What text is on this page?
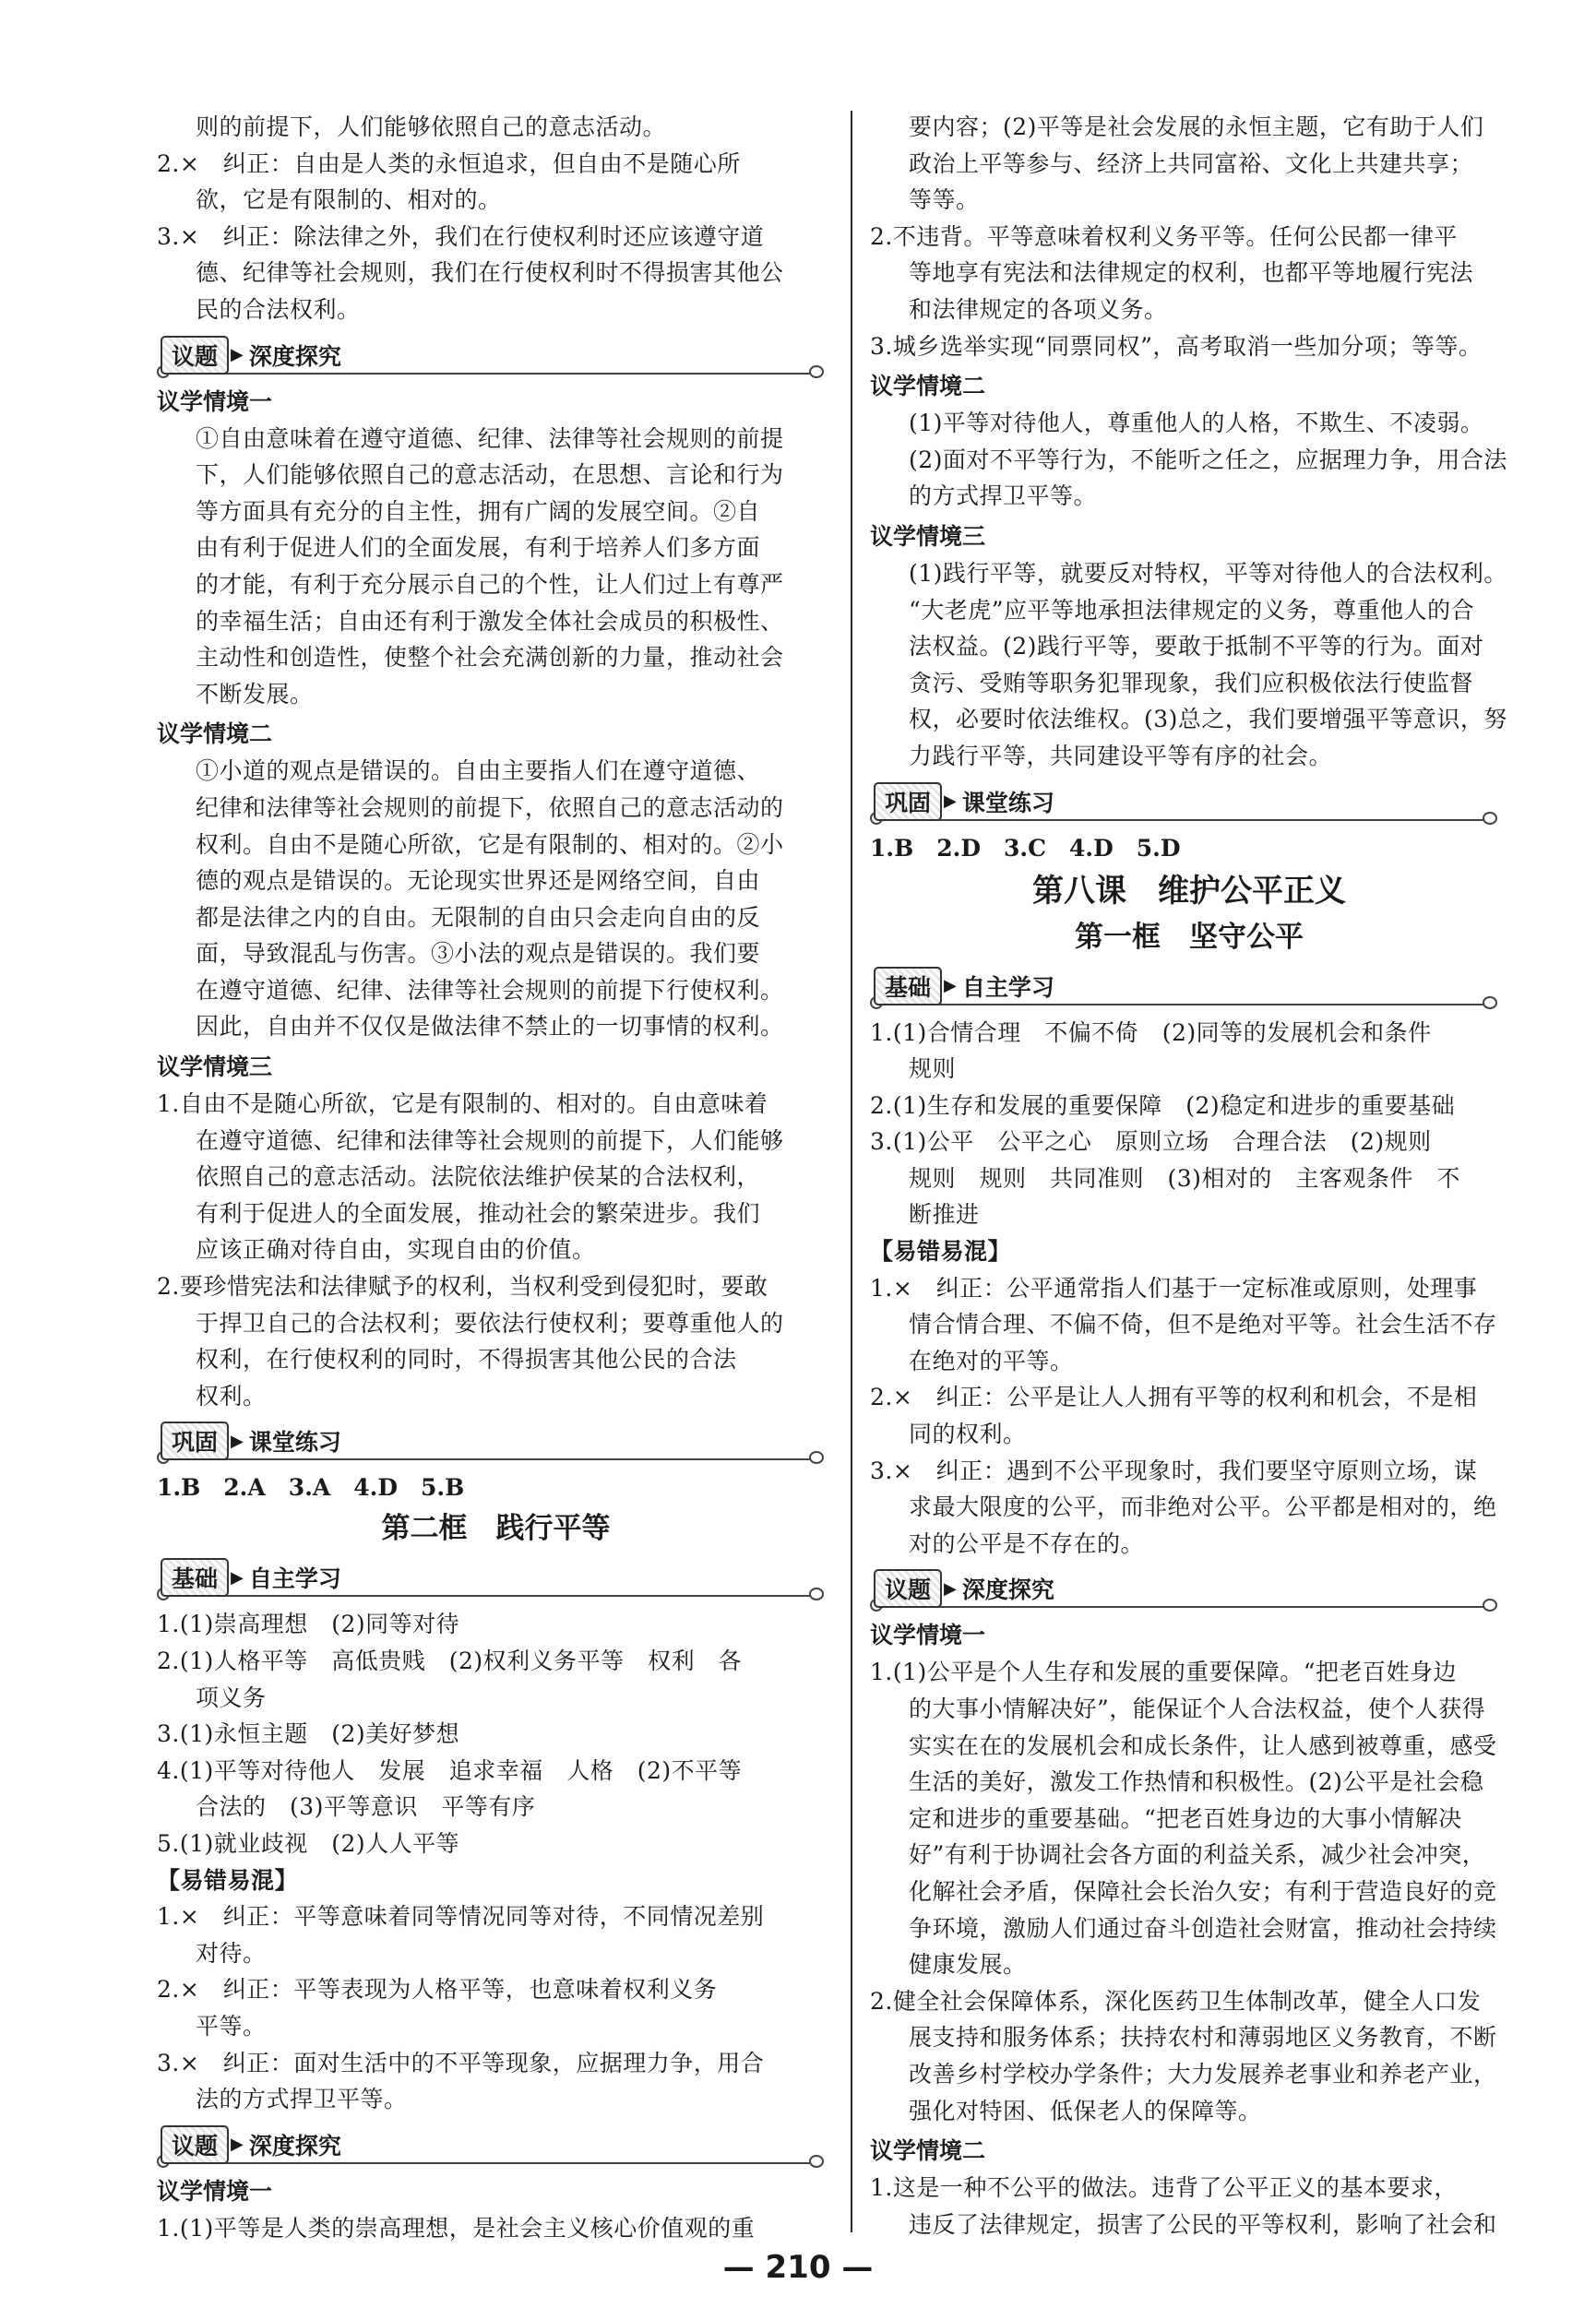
则的前提下，人们能够依照自己的意志活动。

2.×　纠正：自由是人类的永恒追求，但自由不是随心所

欲，它是有限制的、相对的。

3.×　纠正：除法律之外，我们在行使权利时还应该遵守道

德、纪律等社会规则，我们在行使权利时不得损害其他公

民的合法权利。

议题 ▶ 深度探究

议学情境一

①自由意味着在遵守道德、纪律、法律等社会规则的前提

下，人们能够依照自己的意志活动，在思想、言论和行为

等方面具有充分的自主性，拥有广阔的发展空间。②自

由有利于促进人们的全面发展，有利于培养人们多方面

的才能，有利于充分展示自己的个性，让人们过上有尊严

的幸福生活；自由还有利于激发全体社会成员的积极性、

主动性和创造性，使整个社会充满创新的力量，推动社会

不断发展。

议学情境二

①小道的观点是错误的。自由主要指人们在遵守道德、

纪律和法律等社会规则的前提下，依照自己的意志活动的

权利。自由不是随心所欲，它是有限制的、相对的。②小

德的观点是错误的。无论现实世界还是网络空间，自由

都是法律之内的自由。无限制的自由只会走向自由的反

面，导致混乱与伤害。③小法的观点是错误的。我们要

在遵守道德、纪律、法律等社会规则的前提下行使权利。

因此，自由并不仅仅是做法律不禁止的一切事情的权利。

议学情境三

1.自由不是随心所欲，它是有限制的、相对的。自由意味着

在遵守道德、纪律和法律等社会规则的前提下，人们能够

依照自己的意志活动。法院依法维护侯某的合法权利，

有利于促进人的全面发展，推动社会的繁荣进步。我们

应该正确对待自由，实现自由的价值。

2.要珍惜宪法和法律赋予的权利，当权利受到侵犯时，要敢

于捍卫自己的合法权利；要依法行使权利；要尊重他人的

权利，在行使权利的同时，不得损害其他公民的合法

权利。

巩固 ▶ 课堂练习

1.B　2.A　3.A　4.D　5.B

第二框　践行平等

基础 ▶ 自主学习

1.(1)崇高理想　(2)同等对待

2.(1)人格平等　高低贵贱　(2)权利义务平等　权利　各

项义务

3.(1)永恒主题　(2)美好梦想

4.(1)平等对待他人　发展　追求幸福　人格　(2)不平等

合法的　(3)平等意识　平等有序

5.(1)就业歧视　(2)人人平等

【易错易混】

1.×　纠正：平等意味着同等情况同等对待，不同情况差别

对待。

2.×　纠正：平等表现为人格平等，也意味着权利义务

平等。

3.×　纠正：面对生活中的不平等现象，应据理力争，用合

法的方式捍卫平等。

议题 ▶ 深度探究

议学情境一

1.(1)平等是人类的崇高理想，是社会主义核心价值观的重

要内容；(2)平等是社会发展的永恒主题，它有助于人们

政治上平等参与、经济上共同富裕、文化上共建共享；

等等。

2.不违背。平等意味着权利义务平等。任何公民都一律平

等地享有宪法和法律规定的权利，也都平等地履行宪法

和法律规定的各项义务。

3.城乡选举实现“同票同权”，高考取消一些加分项；等等。

议学情境二

(1)平等对待他人，尊重他人的人格，不欺生、不凌弱。

(2)面对不平等行为，不能听之任之，应据理力争，用合法

的方式捍卫平等。

议学情境三

(1)践行平等，就要反对特权，平等对待他人的合法权利。

“大老虎”应平等地承担法律规定的义务，尊重他人的合

法权益。(2)践行平等，要敢于抵制不平等的行为。面对

贪污、受贿等职务犯罪现象，我们应积极依法行使监督

权，必要时依法维权。(3)总之，我们要增强平等意识，努

力践行平等，共同建设平等有序的社会。

巩固 ▶ 课堂练习

1.B　2.D　3.C　4.D　5.D

第八课　维护公平正义

第一框　坚守公平

基础 ▶ 自主学习

1.(1)合情合理　不偏不倚　(2)同等的发展机会和条件

规则

2.(1)生存和发展的重要保障　(2)稳定和进步的重要基础

3.(1)公平　公平之心　原则立场　合理合法　(2)规则

规则　规则　共同准则　(3)相对的　主客观条件　不

断推进

【易错易混】

1.×　纠正：公平通常指人们基于一定标准或原则，处理事

情合情合理、不偏不倚，但不是绝对平等。社会生活不存

在绝对的平等。

2.×　纠正：公平是让人人拥有平等的权利和机会，不是相

同的权利。

3.×　纠正：遇到不公平现象时，我们要坚守原则立场，谋

求最大限度的公平，而非绝对公平。公平都是相对的，绝

对的公平是不存在的。

议题 ▶ 深度探究

议学情境一

1.(1)公平是个人生存和发展的重要保障。“把老百姓身边

的大事小情解决好”，能保证个人合法权益，使个人获得

实实在在的发展机会和成长条件，让人感到被尊重，感受

生活的美好，激发工作热情和积极性。(2)公平是社会稳

定和进步的重要基础。“把老百姓身边的大事小情解决

好”有利于协调社会各方面的利益关系，减少社会冲突，

化解社会矛盾，保障社会长治久安；有利于营造良好的竞

争环境，激励人们通过奋斗创造社会财富，推动社会持续

健康发展。

2.健全社会保障体系，深化医药卫生体制改革，健全人口发

展支持和服务体系；扶持农村和薄弱地区义务教育，不断

改善乡村学校办学条件；大力发展养老事业和养老产业，

强化对特困、低保老人的保障等。

议学情境二

1.这是一种不公平的做法。违背了公平正义的基本要求，

违反了法律规定，损害了公民的平等权利，影响了社会和

— 210 —
